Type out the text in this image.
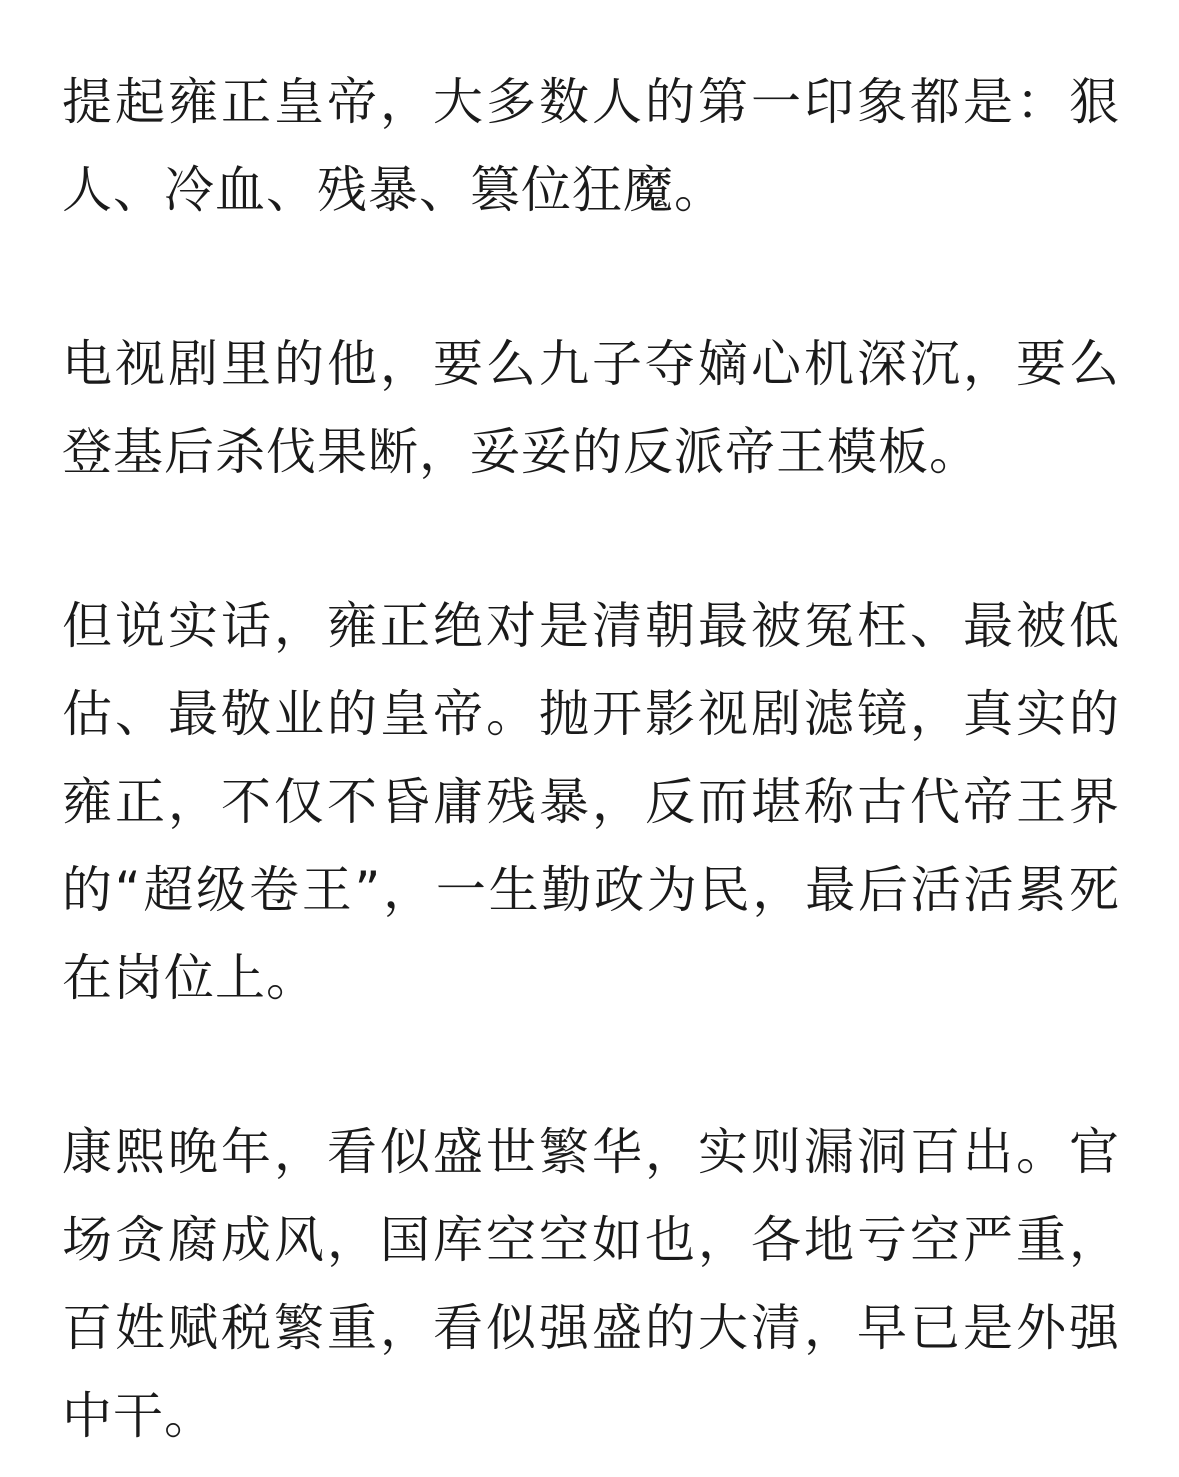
提起雍正皇帝，大多数人的第一印象都是：狠人、冷血、残暴、篡位狂魔。

电视剧里的他，要么九子夺嫡心机深沉，要么登基后杀伐果断，妥妥的反派帝王模板。

但说实话，雍正绝对是清朝最被冤枉、最被低估、最敬业的皇帝。抛开影视剧滤镜，真实的雍正，不仅不昏庸残暴，反而堪称古代帝王界的“超级卷王”，一生勤政为民，最后活活累死在岗位上。

康熙晚年，看似盛世繁华，实则漏洞百出。官场贪腐成风，国库空空如也，各地亏空严重，百姓赋税繁重，看似强盛的大清，早已是外强中干。
